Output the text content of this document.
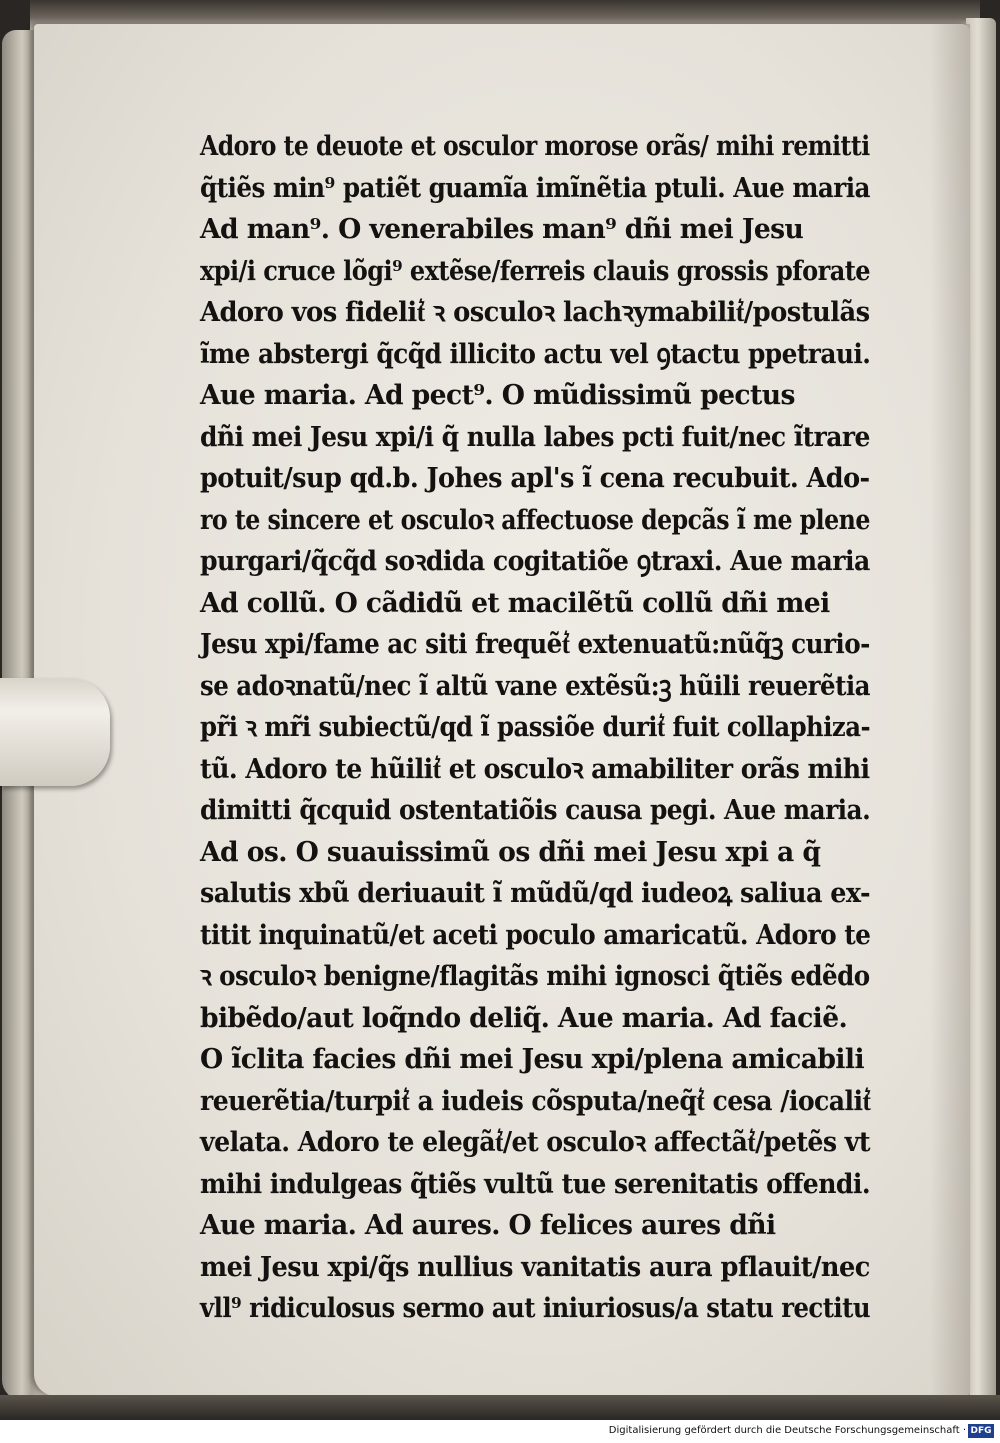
Adoro te deuote et osculor morose orãs/ mihi remitti
q̃tiẽs min⁹ patiẽt guamĩa imĩnẽtia ptuli. Aue maria
Ad man⁹. O venerabiles man⁹ dñi mei Jesu
xpi/i cruce lõgi⁹ extẽse/ferreis clauis grossis pforate
Adoro vos fidelit͛ ꝛ osculoꝛ lachꝛymabilit͛/postulãs
ĩme abstergi q̃cq̃d illicito actu vel ꝯtactu ppetraui.
Aue maria. Ad pect⁹. O mũdissimũ pectus
dñi mei Jesu xpi/i q̃ nulla labes pcti fuit/nec ĩtrare
potuit/sup qd.b. Johes apl's ĩ cena recubuit. Ado-
ro te sincere et osculoꝛ affectuose depcãs ĩ me plene
purgari/q̃cq̃d soꝛdida cogitatiõe ꝯtraxi. Aue maria
Ad collũ. O cãdidũ et macilẽtũ collũ dñi mei
Jesu xpi/fame ac siti frequẽt͛ extenuatũ:nũq̃ꝫ curio-
se adoꝛnatũ/nec ĩ altũ vane extẽsũ:ꝫ hũili reuerẽtia
pr̃i ꝛ mr̃i subiectũ/qd ĩ passiõe durit͛ fuit collaphiza-
tũ. Adoro te hũilit͛ et osculoꝛ amabiliter orãs mihi
dimitti q̃cquid ostentatiõis causa pegi. Aue maria.
Ad os. O suauissimũ os dñi mei Jesu xpi a q̃
salutis xbũ deriuauit ĩ mũdũ/qd iudeoꝝ saliua ex-
titit inquinatũ/et aceti poculo amaricatũ. Adoro te
ꝛ osculoꝛ benigne/flagitãs mihi ignosci q̃tiẽs edẽdo
bibẽdo/aut loq̃ndo deliq̃. Aue maria. Ad faciẽ.
O ĩclita facies dñi mei Jesu xpi/plena amicabili
reuerẽtia/turpit͛ a iudeis cõsputa/neq̃t͛ cesa /iocalit͛
velata. Adoro te elegãt͛/et osculoꝛ affectãt͛/petẽs vt
mihi indulgeas q̃tiẽs vultũ tue serenitatis offendi.
Aue maria. Ad aures. O felices aures dñi
mei Jesu xpi/q̃s nullius vanitatis aura pflauit/nec
vll⁹ ridiculosus sermo aut iniuriosus/a statu rectitu
Digitalisierung gefördert durch die Deutsche Forschungsgemeinschaft · DFG
